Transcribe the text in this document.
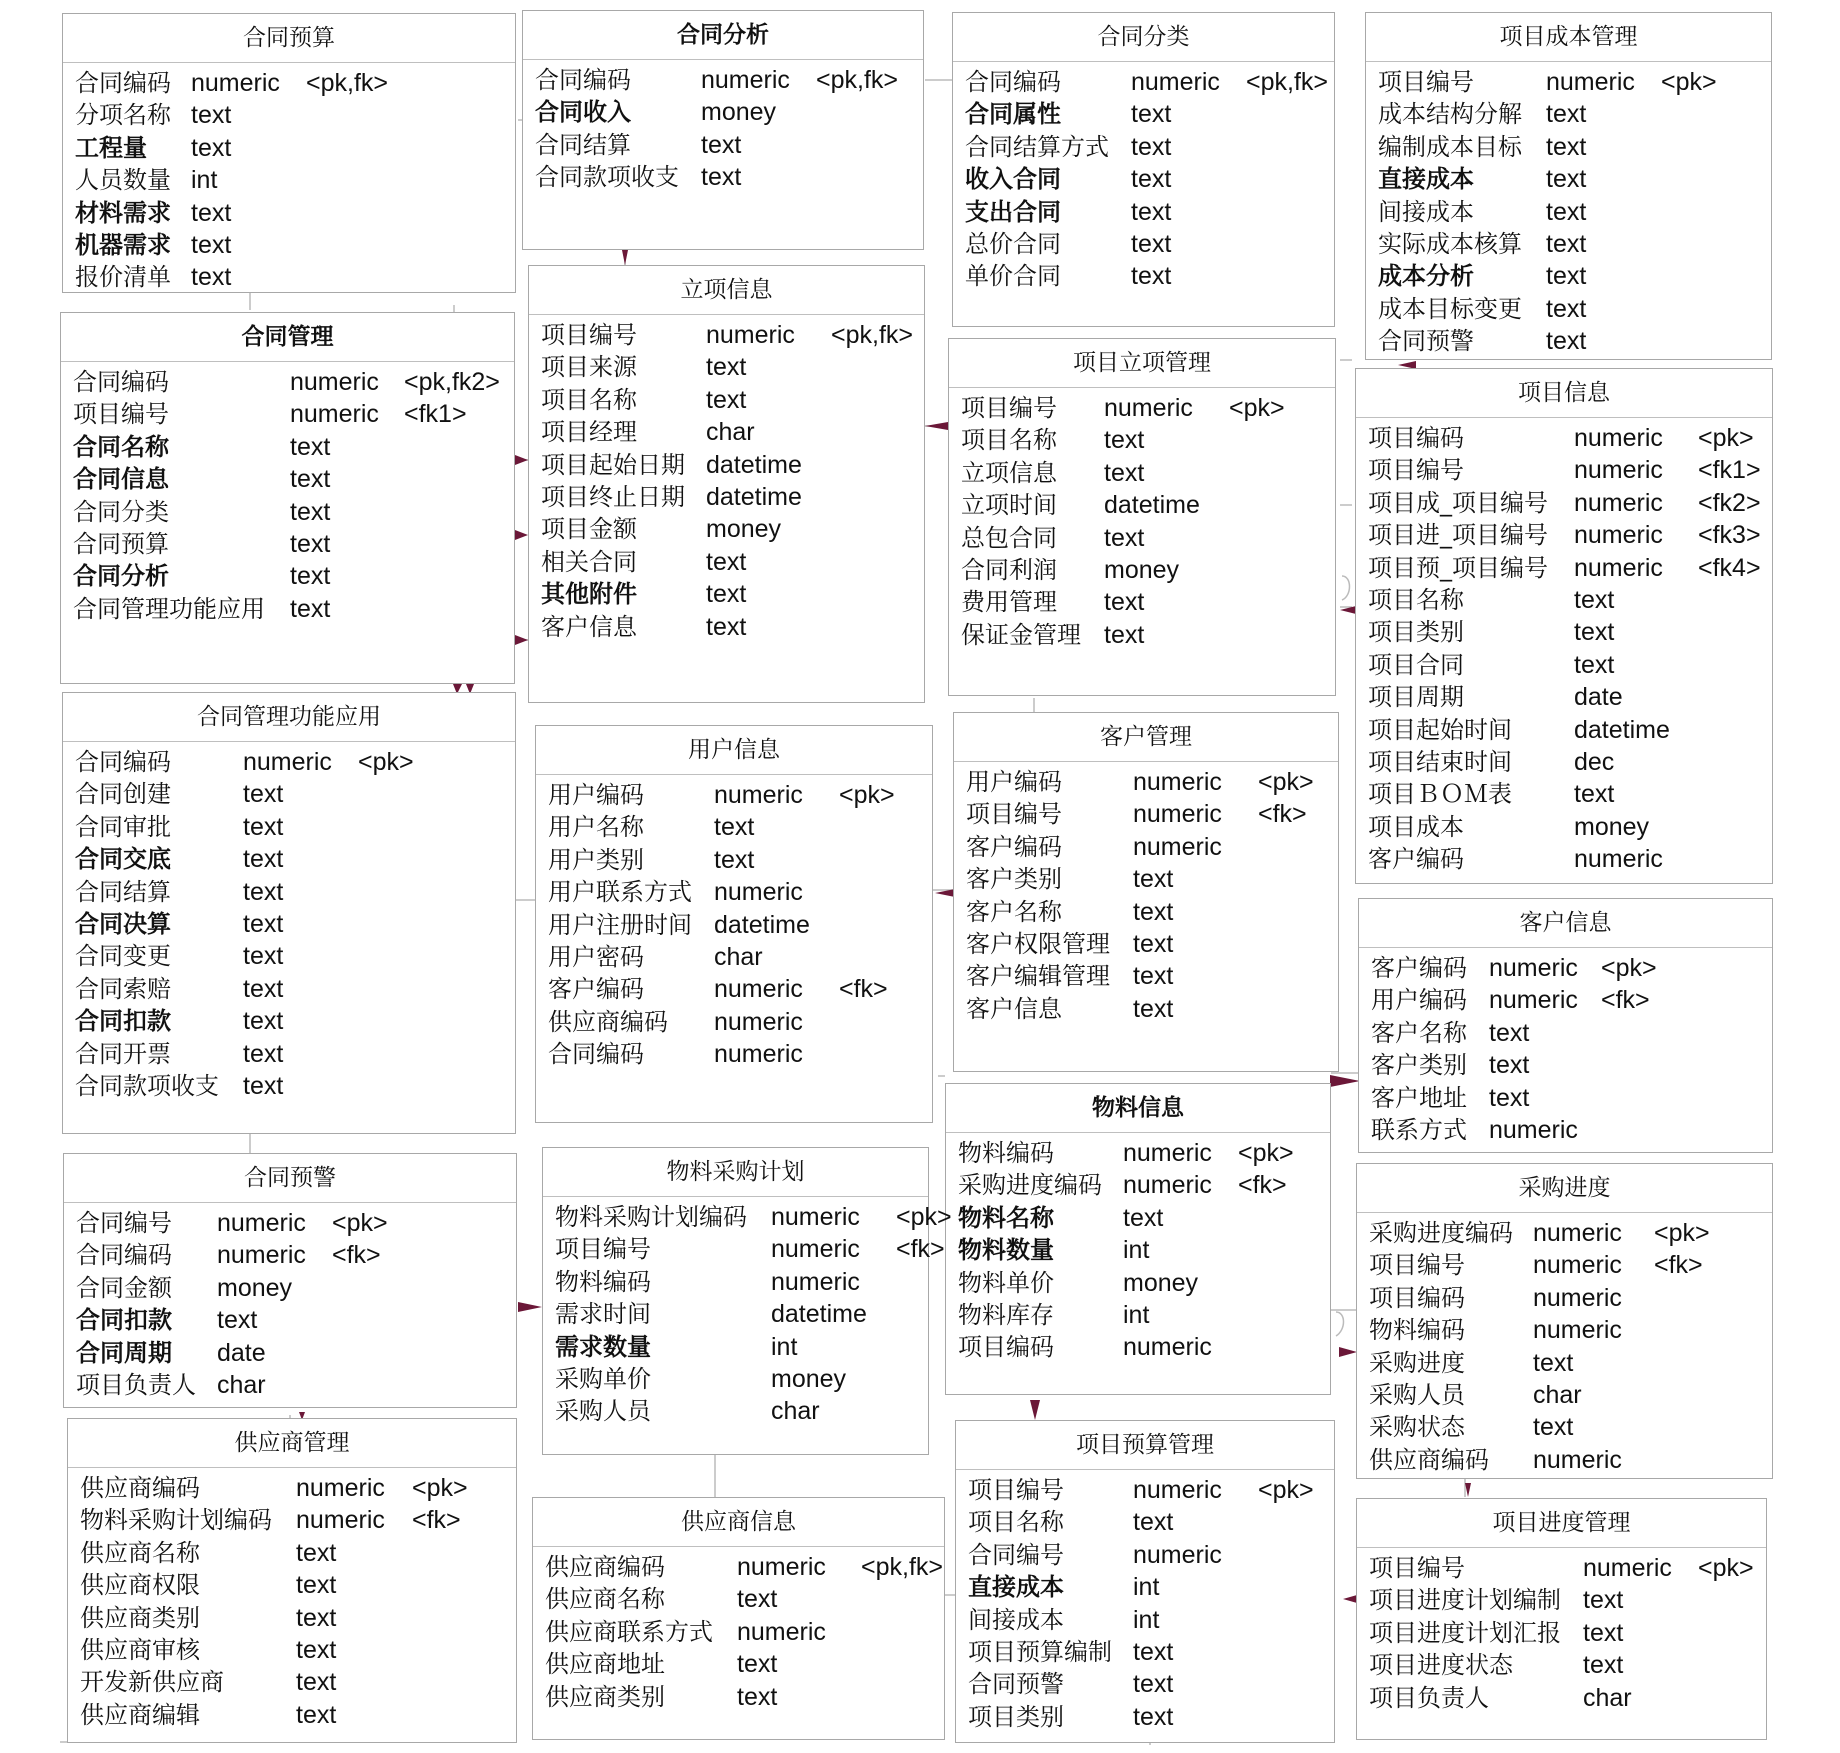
合同预算
合同编码 numeric <pk,fk>
分项名称 text
工程量 text
人员数量 int
材料需求 text
机器需求 text
报价清单 text
合同分析
合同编码	numeric <pk,fk>
合同收入	money
合同结算	text
合同款项收支 text
合同分类
合同编码	numeric <pk,fk>
合同属性	text
合同结算方式 text
收入合同	text
支出合同	text
总价合同	text
单价合同	text
项目成本管理
项目编号	numeric <pk>
成本结构分解 text
编制成本目标 text
直接成本	text
间接成本	text
实际成本核算 text
成本分析	text
成本目标变更 text
合同预警	text
合同管理
合同编码	numeric <pk,fk2>
项目编号	numeric <fk1>
合同名称	text
合同信息	text
合同分类	text
合同预算	text
合同分析	text
合同管理功能应用 text
立项信息
项目编号	numeric <pk,fk>
项目来源	text
项目名称	text
项目经理	char
项目起始日期 datetime
项目终止日期 datetime
项目金额	money
相关合同	text
其他附件	text
客户信息	text
项目立项管理
项目编号 numeric <pk>
项目名称 text
立项信息 text
立项时间 datetime
总包合同 text
合同利润 money
费用管理 text
保证金管理 text
项目信息
项目编码	numeric <pk>
项目编号	numeric <fk1>
项目成_项目编号 numeric <fk2>
项目进_项目编号 numeric <fk3>
项目预_项目编号 numeric <fk4>
项目名称	text
项目类别	text
项目合同	text
项目周期	date
项目起始时间 datetime
项目结束时间 dec
项目ＢＯＭ表 text
项目成本	money
客户编码	numeric
合同管理功能应用
合同编码	numeric <pk>
合同创建	text
合同审批	text
合同交底	text
合同结算	text
合同决算	text
合同变更	text
合同索赔	text
合同扣款	text
合同开票	text
合同款项收支 text
用户信息
用户编码	numeric <pk>
用户名称	text
用户类别	text
用户联系方式 numeric
用户注册时间 datetime
用户密码	char
客户编码	numeric <fk>
供应商编码 numeric
合同编码	numeric
客户管理
用户编码	numeric <pk>
项目编号	numeric <fk>
客户编码	numeric
客户类别	text
客户名称	text
客户权限管理 text
客户编辑管理 text
客户信息	text
客户信息
客户编码 numeric <pk>
用户编码 numeric <fk>
客户名称 text
客户类别 text
客户地址 text
联系方式 numeric
物料信息
物料编码	numeric <pk>
采购进度编码 numeric <fk>
物料名称	text
物料数量	int
物料单价	money
物料库存	int
项目编码	numeric
合同预警
合同编号 numeric <pk>
合同编码 numeric <fk>
合同金额 money
合同扣款 text
合同周期 date
项目负责人 char
物料采购计划
物料采购计划编码 numeric <pk>
项目编号	numeric <fk>
物料编码	numeric
需求时间	datetime
需求数量	int
采购单价	money
采购人员	char
采购进度
采购进度编码 numeric <pk>
项目编号	numeric <fk>
项目编码	numeric
物料编码	numeric
采购进度	text
采购人员	char
采购状态	text
供应商编码 numeric
供应商管理
供应商编码	numeric <pk>
物料采购计划编码 numeric <fk>
供应商名称	text
供应商权限	text
供应商类别	text
供应商审核	text
开发新供应商	text
供应商编辑	text
供应商信息
供应商编码	numeric <pk,fk>
供应商名称	text
供应商联系方式 numeric
供应商地址	text
供应商类别	text
项目预算管理
项目编号	numeric <pk>
项目名称	text
合同编号	numeric
直接成本	int
间接成本	int
项目预算编制 text
合同预警	text
项目类别	text
项目进度管理
项目编号	numeric <pk>
项目进度计划编制 text
项目进度计划汇报 text
项目进度状态	text
项目负责人	char
